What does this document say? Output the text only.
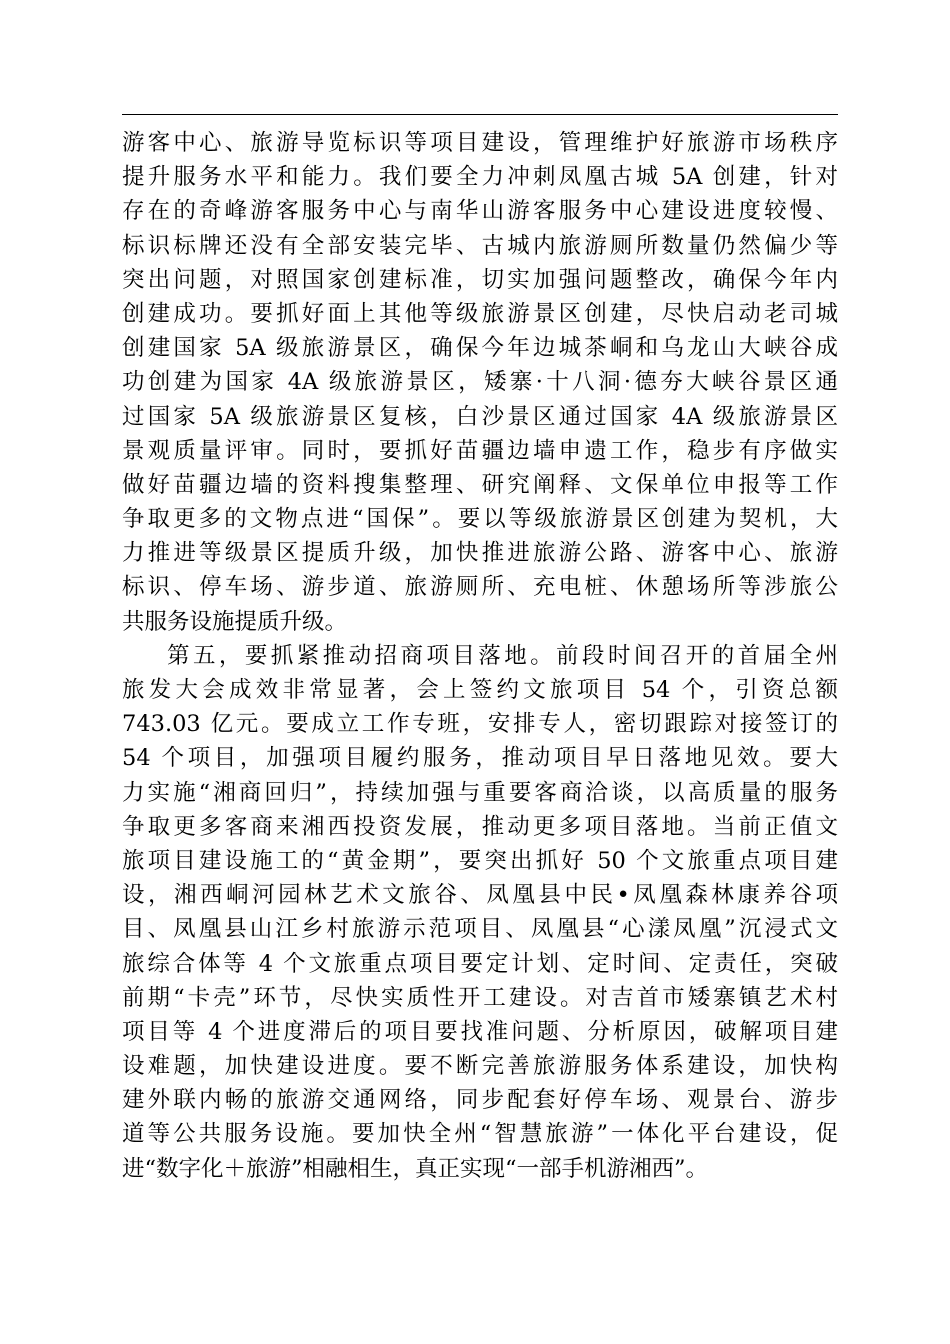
游客中心、旅游导览标识等项目建设，管理维护好旅游市场秩序
提升服务水平和能力。我们要全力冲刺凤凰古城 5A 创建，针对
存在的奇峰游客服务中心与南华山游客服务中心建设进度较慢、
标识标牌还没有全部安装完毕、古城内旅游厕所数量仍然偏少等
突出问题，对照国家创建标准，切实加强问题整改，确保今年内
创建成功。要抓好面上其他等级旅游景区创建，尽快启动老司城
创建国家 5A 级旅游景区，确保今年边城茶峒和乌龙山大峡谷成
功创建为国家 4A 级旅游景区，矮寨·十八洞·德夯大峡谷景区通
过国家 5A 级旅游景区复核，白沙景区通过国家 4A 级旅游景区
景观质量评审。同时，要抓好苗疆边墙申遗工作，稳步有序做实
做好苗疆边墙的资料搜集整理、研究阐释、文保单位申报等工作
争取更多的文物点进“国保”。要以等级旅游景区创建为契机，大
力推进等级景区提质升级，加快推进旅游公路、游客中心、旅游
标识、停车场、游步道、旅游厕所、充电桩、休憩场所等涉旅公
共服务设施提质升级。
第五，要抓紧推动招商项目落地。前段时间召开的首届全州
旅发大会成效非常显著，会上签约文旅项目 54 个，引资总额
743.03 亿元。要成立工作专班，安排专人，密切跟踪对接签订的
54 个项目，加强项目履约服务，推动项目早日落地见效。要大
力实施“湘商回归”，持续加强与重要客商洽谈，以高质量的服务
争取更多客商来湘西投资发展，推动更多项目落地。当前正值文
旅项目建设施工的“黄金期”，要突出抓好 50 个文旅重点项目建
设，湘西峒河园林艺术文旅谷、凤凰县中民•凤凰森林康养谷项
目、凤凰县山江乡村旅游示范项目、凤凰县“心漾凤凰”沉浸式文
旅综合体等 4 个文旅重点项目要定计划、定时间、定责任，突破
前期“卡壳”环节，尽快实质性开工建设。对吉首市矮寨镇艺术村
项目等 4 个进度滞后的项目要找准问题、分析原因，破解项目建
设难题，加快建设进度。要不断完善旅游服务体系建设，加快构
建外联内畅的旅游交通网络，同步配套好停车场、观景台、游步
道等公共服务设施。要加快全州“智慧旅游”一体化平台建设，促
进“数字化＋旅游”相融相生，真正实现“一部手机游湘西”。
